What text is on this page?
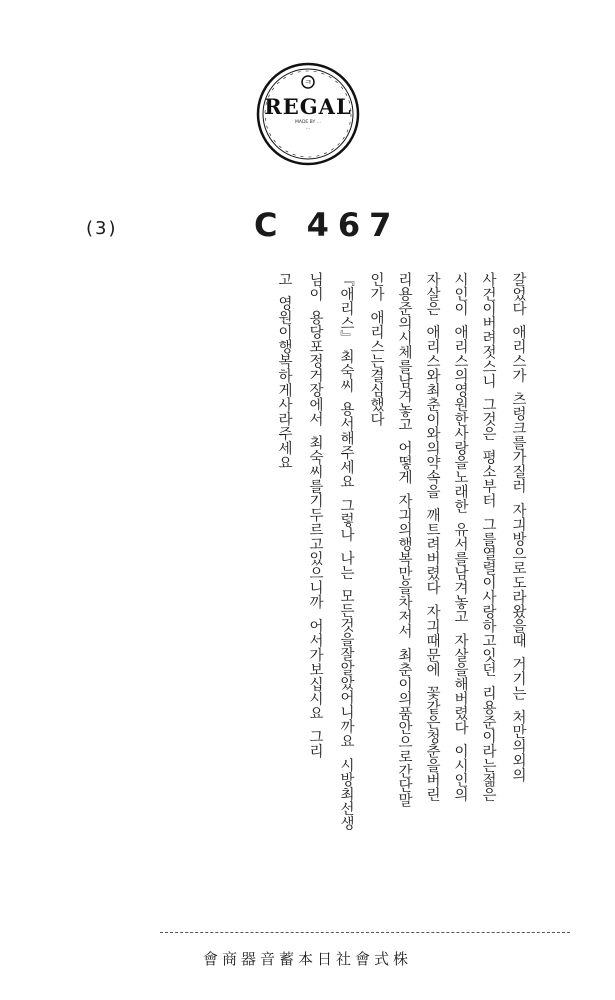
ㅋ
REGAL
MADE BY ...
...
(3)	C 467
갈었다  애리스가  츠렁크를가질러  자긔방으로도라왔을때  거기는  처만의외의
사건이버려젓스니  그것은  평소부터  그를열렬이사랑하고잇던  리용준이라는젊은
시인이  애리스의영원한사랑을노래한  유서를남겨놓고  자살을해버렸다  이시인의
자살은  애리스와최춘이와의약속을  깨트려버렸다  자긔때문에  꽃같은청춘을버린
리용준의시체를남겨놓고  어떻게  자긔의행복만을차저서  최춘이의품안으로간단말
인가  애리스는결심했다
『애리스』 최숙씨  용서해주세요  그렇나  나는  모든것을잘알았어니까요  시방최선생
님이  용당포정거장에서  최숙씨를기두르고있으니까  어서가보십시요  그리
고  영원이행복하게사라주세요
會商器音蓄本日社會式株
